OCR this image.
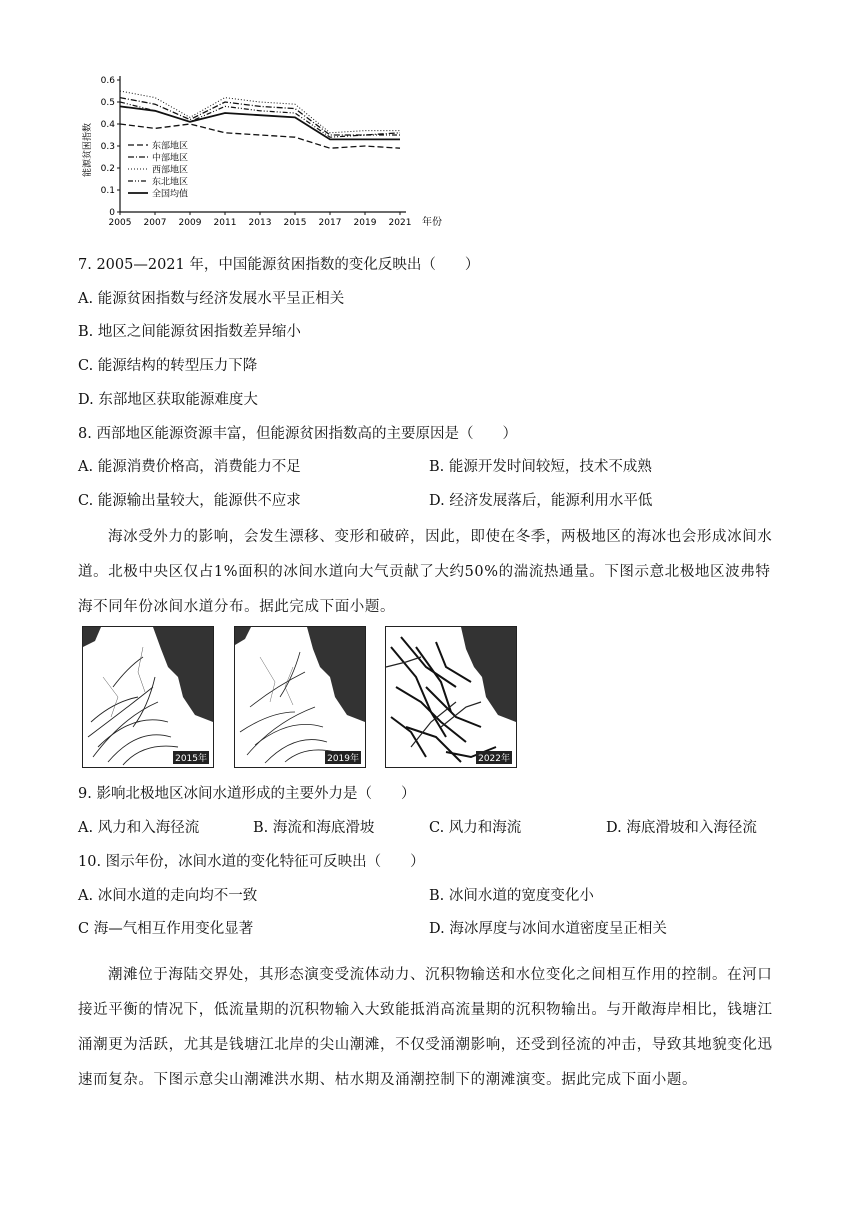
0
0.1
0.2
0.3
0.4
0.5
0.6
2005 2007 2009 2011 2013 2015 2017 2019 2021
东部地区
中部地区
西部地区
东北地区
全国均值
能源贫困指数
年份
7. 2005—2021 年，中国能源贫困指数的变化反映出（　　）
A. 能源贫困指数与经济发展水平呈正相关
B. 地区之间能源贫困指数差异缩小
C. 能源结构的转型压力下降
D. 东部地区获取能源难度大
8. 西部地区能源资源丰富，但能源贫困指数高的主要原因是（　　）
A. 能源消费价格高，消费能力不足	B. 能源开发时间较短，技术不成熟
C. 能源输出量较大，能源供不应求	D. 经济发展落后，能源利用水平低
海冰受外力的影响，会发生漂移、变形和破碎，因此，即使在冬季，两极地区的海冰也会形成冰间水道。北极中央区仅占1%面积的冰间水道向大气贡献了大约50%的湍流热通量。下图示意北极地区波弗特海不同年份冰间水道分布。据此完成下面小题。
2015年	2019年	2022年
9. 影响北极地区冰间水道形成的主要外力是（　　）
A. 风力和入海径流	B. 海流和海底滑坡	C. 风力和海流	D. 海底滑坡和入海径流
10. 图示年份，冰间水道的变化特征可反映出（　　）
A. 冰间水道的走向均不一致	B. 冰间水道的宽度变化小
C 海—气相互作用变化显著	D. 海冰厚度与冰间水道密度呈正相关
潮滩位于海陆交界处，其形态演变受流体动力、沉积物输送和水位变化之间相互作用的控制。在河口接近平衡的情况下，低流量期的沉积物输入大致能抵消高流量期的沉积物输出。与开敞海岸相比，钱塘江涌潮更为活跃，尤其是钱塘江北岸的尖山潮滩，不仅受涌潮影响，还受到径流的冲击，导致其地貌变化迅速而复杂。下图示意尖山潮滩洪水期、枯水期及涌潮控制下的潮滩演变。据此完成下面小题。
